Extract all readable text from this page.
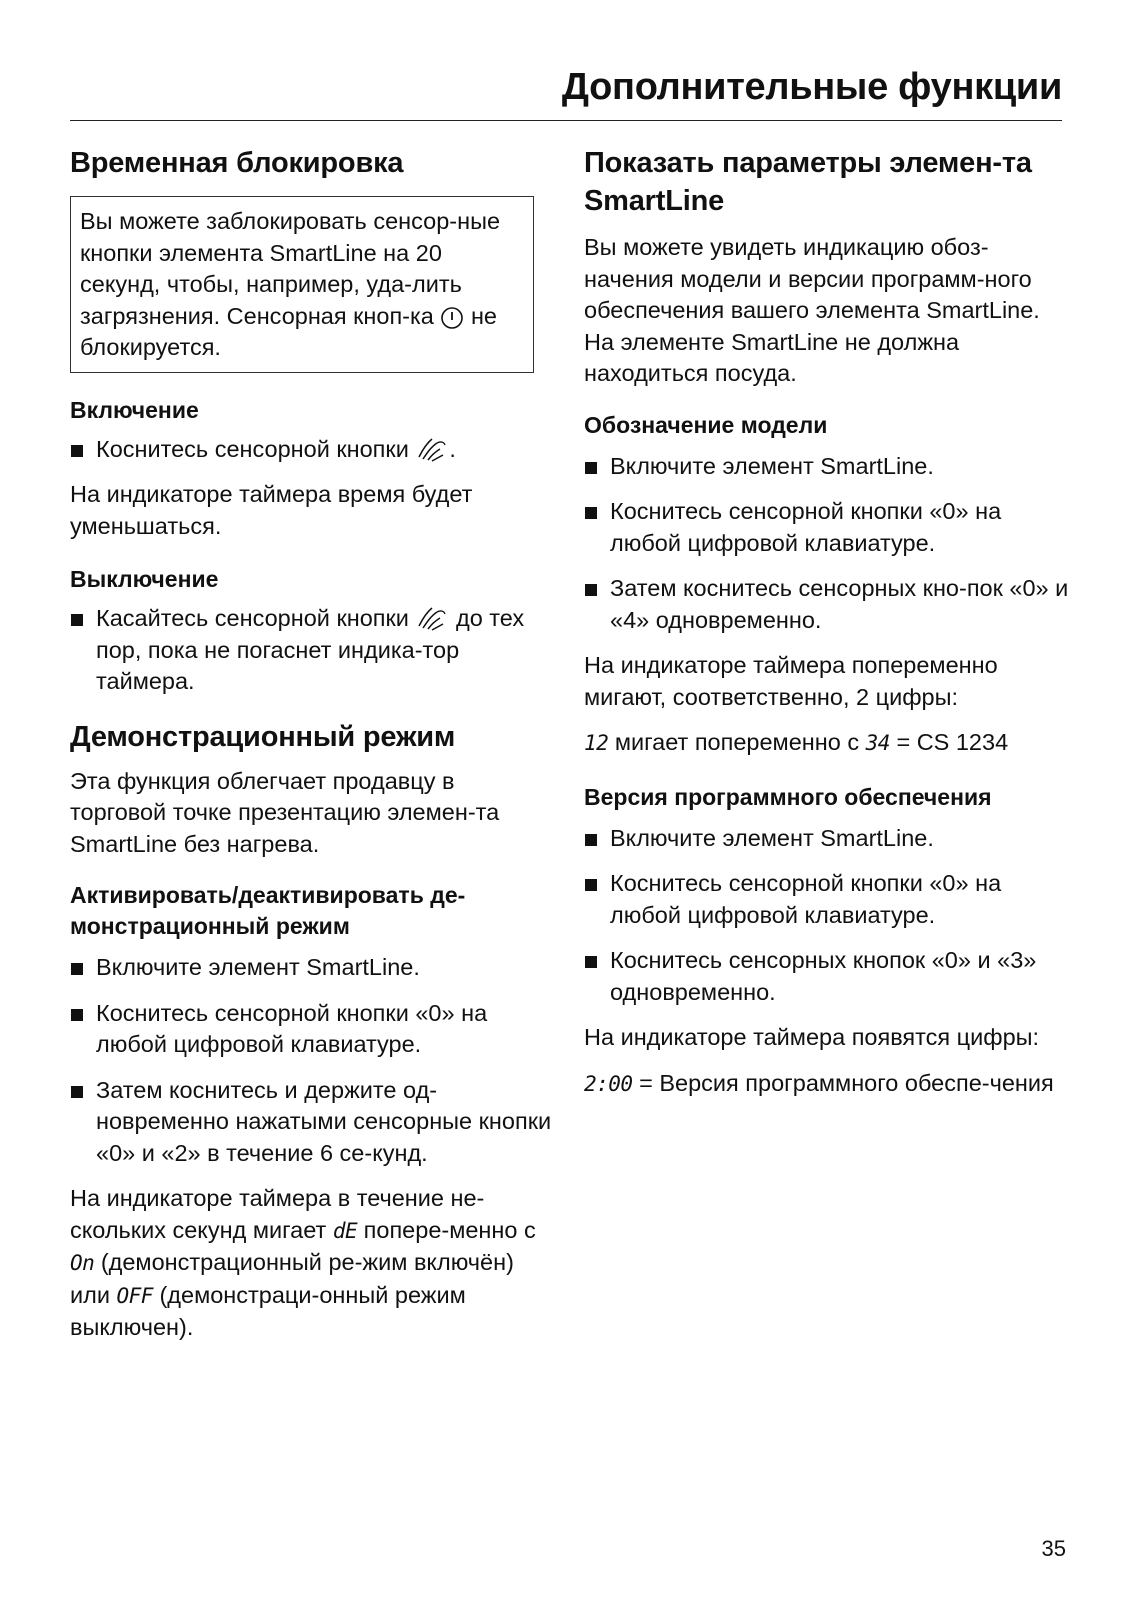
Дополнительные функции
Временная блокировка

Вы можете заблокировать сенсор-ные кнопки элемента SmartLine на 20 секунд, чтобы, например, уда-лить загрязнения. Сенсорная кноп-ка не блокируется.

Включение
Коснитесь сенсорной кнопки .

На индикаторе таймера время будет уменьшаться.

Выключение
Касайтесь сенсорной кнопки до тех пор, пока не погаснет индика-тор таймера.
Демонстрационный режим

Эта функция облегчает продавцу в торговой точке презентацию элемен-та SmartLine без нагрева.

Активировать/деактивировать де-монстрационный режим
Включите элемент SmartLine.
Коснитесь сенсорной кнопки «0» на любой цифровой клавиатуре.
Затем коснитесь и держите од-новременно нажатыми сенсорные кнопки «0» и «2» в течение 6 се-кунд.

На индикаторе таймера в течение не-скольких секунд мигает dE попере-менно с On (демонстрационный ре-жим включён) или OFF (демонстраци-онный режим выключен).

Показать параметры элемен-та SmartLine

Вы можете увидеть индикацию обоз-начения модели и версии программ-ного обеспечения вашего элемента SmartLine. На элементе SmartLine не должна находиться посуда.

Обозначение модели
Включите элемент SmartLine.
Коснитесь сенсорной кнопки «0» на любой цифровой клавиатуре.
Затем коснитесь сенсорных кно-пок «0» и «4» одновременно.

На индикаторе таймера попеременно мигают, соответственно, 2 цифры:

12 мигает попеременно с 34 = CS 1234

Версия программного обеспечения
Включите элемент SmartLine.
Коснитесь сенсорной кнопки «0» на любой цифровой клавиатуре.
Коснитесь сенсорных кнопок «0» и «3» одновременно.

На индикаторе таймера появятся цифры:

2:00 = Версия программного обеспе-чения

35
